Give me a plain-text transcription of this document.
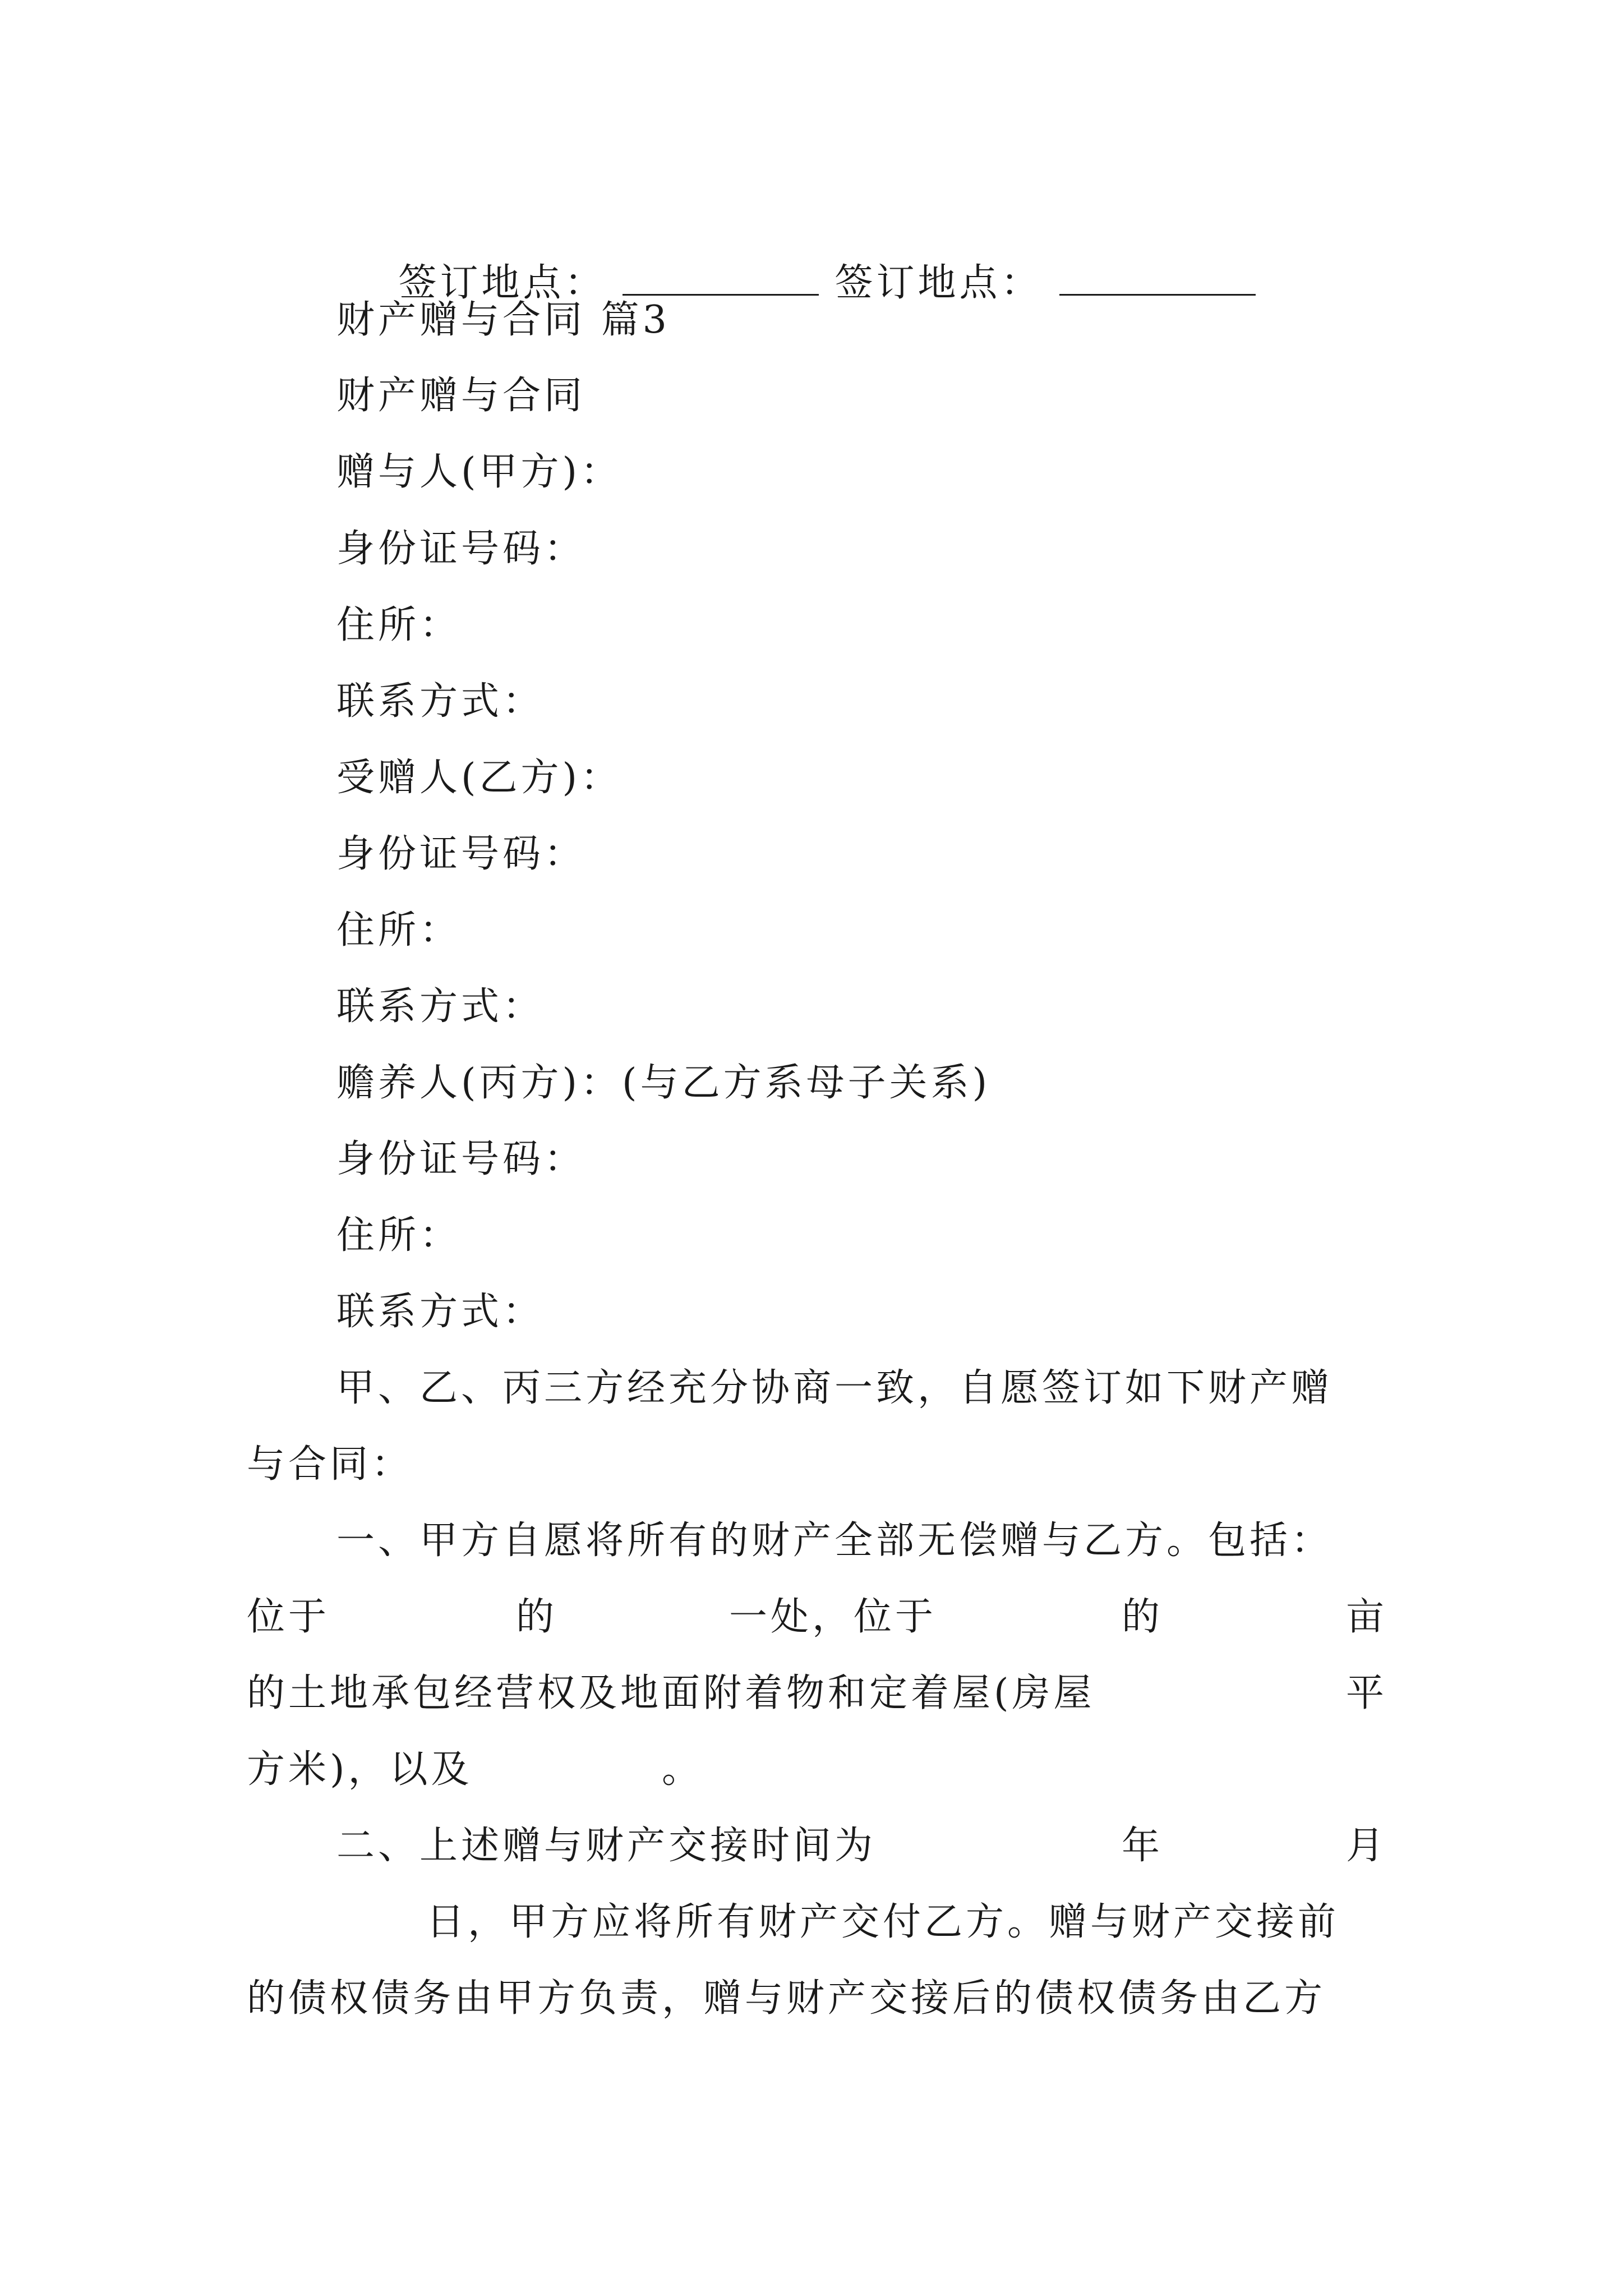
签订地点：	签订地点：

财产赠与合同 篇3
财产赠与合同
赠与人(甲方)：
身份证号码：
住所：
联系方式：
受赠人(乙方)：
身份证号码：
住所：
联系方式：
赡养人(丙方)：(与乙方系母子关系)
身份证号码：
住所：
联系方式：
甲、乙、丙三方经充分协商一致，自愿签订如下财产赠
与合同：
一、甲方自愿将所有的财产全部无偿赠与乙方。包括：
位于	的	一处，位于	的	亩
的土地承包经营权及地面附着物和定着屋(房屋	平
方米)，以及	。
二、上述赠与财产交接时间为	年	月
日，甲方应将所有财产交付乙方。赠与财产交接前
的债权债务由甲方负责，赠与财产交接后的债权债务由乙方
